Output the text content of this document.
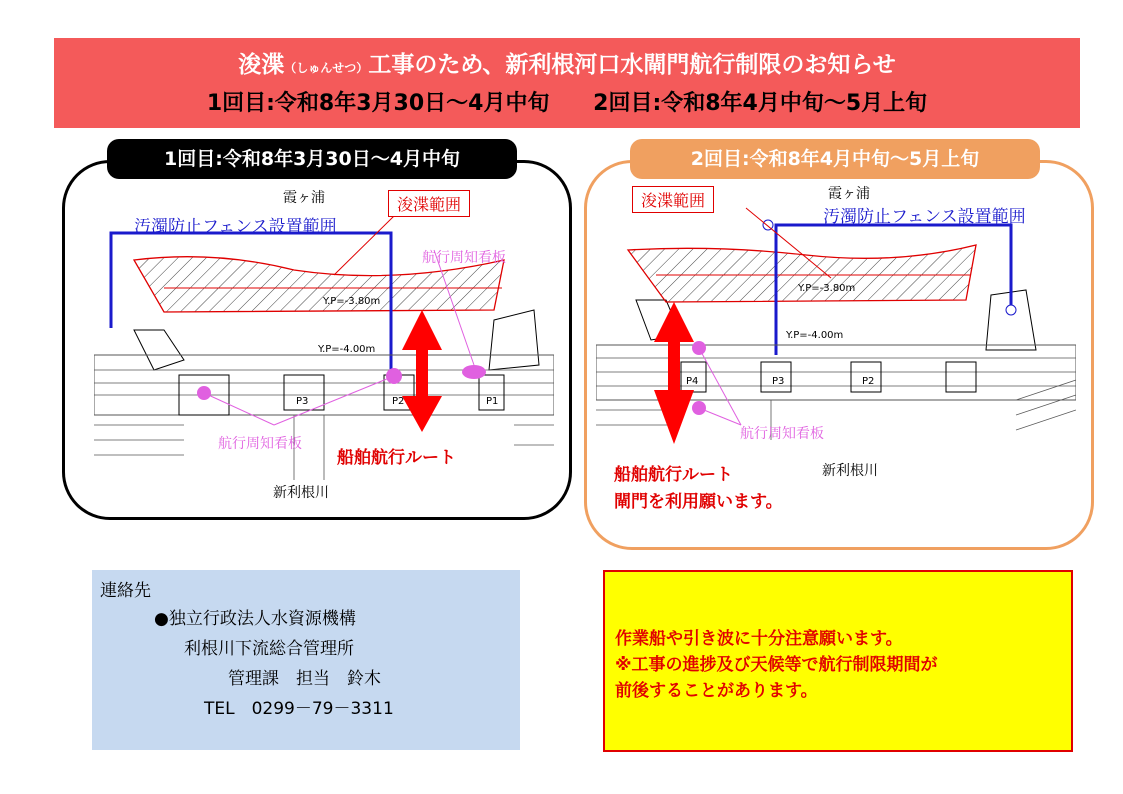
浚渫（しゅんせつ）工事のため、新利根河口水閘門航行制限のお知らせ
1回目:令和8年3月30日～4月中旬 2回目:令和8年4月中旬～5月上旬
1回目:令和8年3月30日～4月中旬
霞ヶ浦
汚濁防止フェンス設置範囲
浚渫範囲
航行周知看板
Y.P=-3.80m
Y.P=-4.00m
P3	P2	P1
航行周知看板
船舶航行ルート
新利根川
2回目:令和8年4月中旬～5月上旬
浚渫範囲	霞ヶ浦
汚濁防止フェンス設置範囲
Y.P=-3.80m
Y.P=-4.00m
P4	P3	P2
航行周知看板
船舶航行ルート
閘門を利用願います。
新利根川
連絡先
●独立行政法人水資源機構
利根川下流総合管理所
管理課　担当　鈴木
TEL　0299－79－3311
作業船や引き波に十分注意願います。
※工事の進捗及び天候等で航行制限期間が
前後することがあります。
